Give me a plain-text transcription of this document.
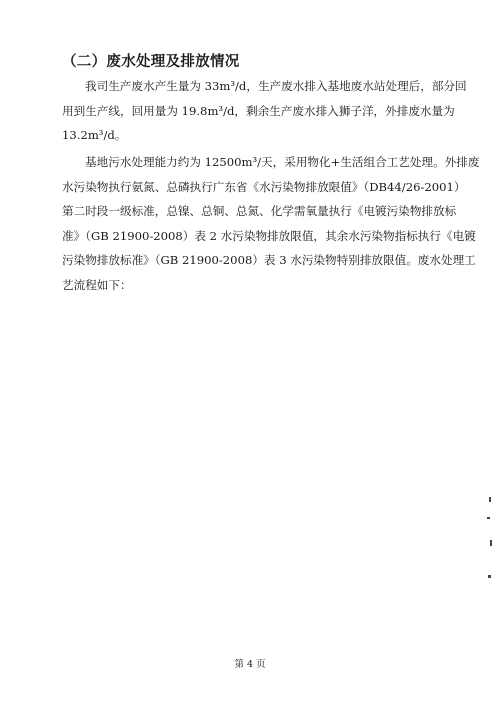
（二）废水处理及排放情况
我司生产废水产生量为 33m³/d，生产废水排入基地废水站处理后，部分回
用到生产线，回用量为 19.8m³/d，剩余生产废水排入狮子洋，外排废水量为
13.2m³/d。
基地污水处理能力约为 12500m³/天，采用物化+生活组合工艺处理。外排废
水污染物执行氨氮、总磷执行广东省《水污染物排放限值》（DB44/26-2001）
第二时段一级标准，总镍、总铜、总氮、化学需氧量执行《电镀污染物排放标
准》（GB 21900-2008）表 2 水污染物排放限值，其余水污染物指标执行《电镀
污染物排放标准》（GB 21900-2008）表 3 水污染物特别排放限值。废水处理工
艺流程如下：
第 4 页
